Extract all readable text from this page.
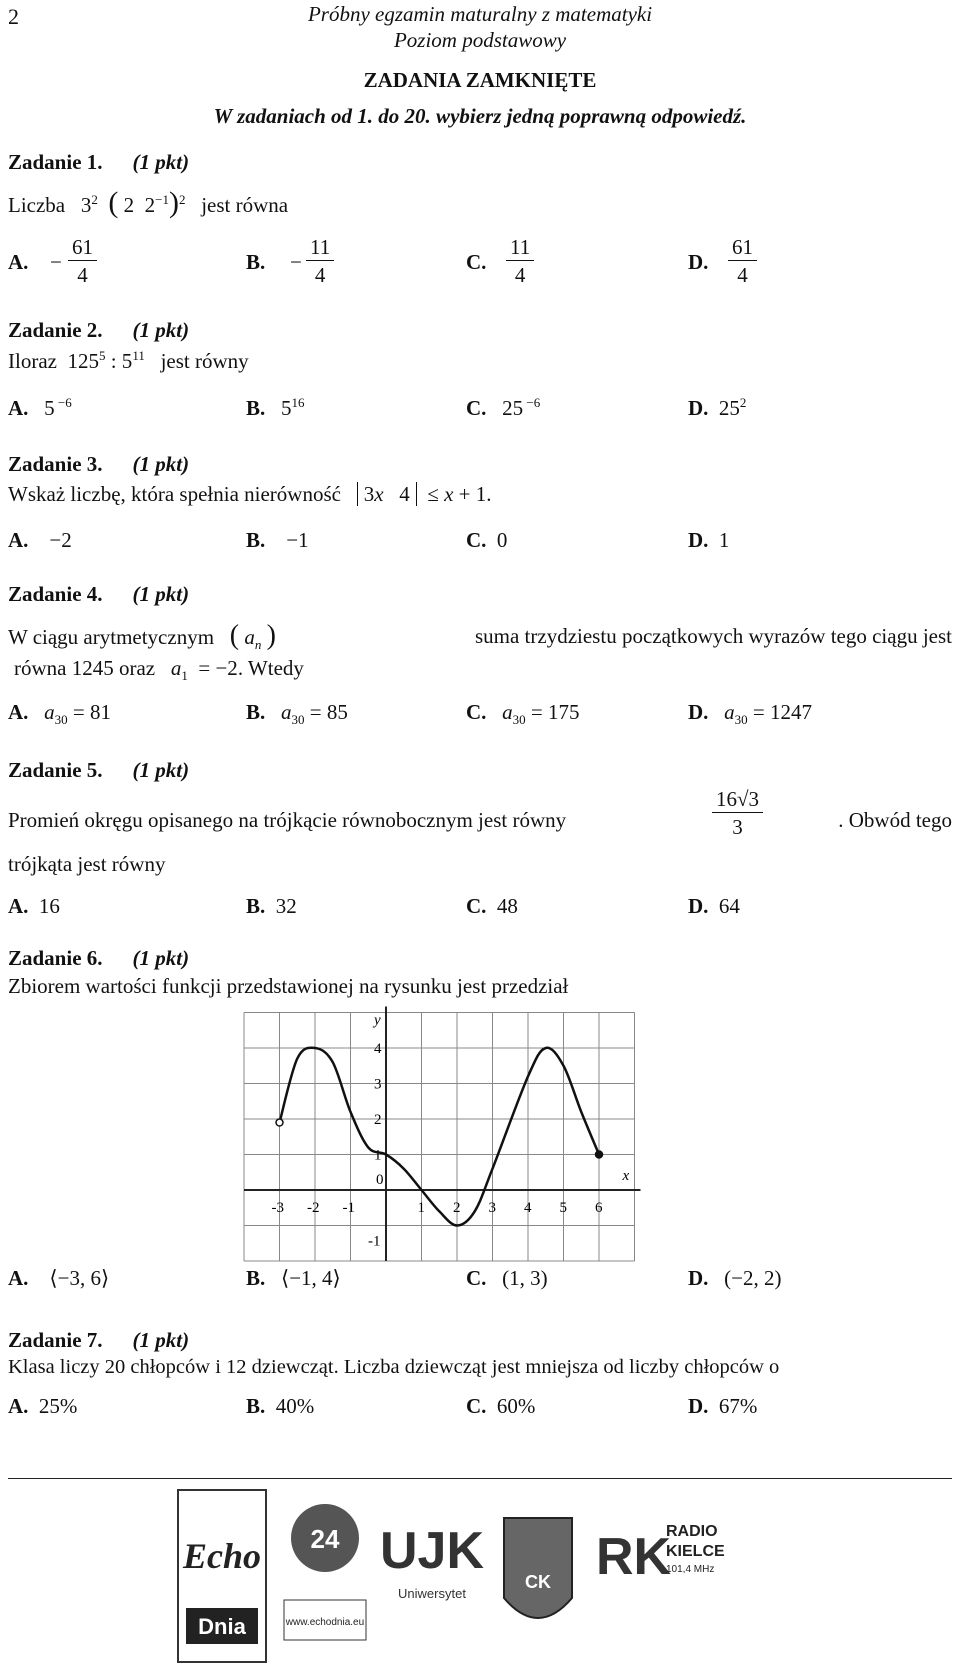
2	Próbny egzamin maturalny z matematyki
Poziom podstawowy
ZADANIA ZAMKNIĘTE
W zadaniach od 1. do 20. wybierz jedną poprawną odpowiedź.
Zadanie 1. (1 pkt)
Liczba $3^2$ ( 2  $2^{-1})^2$ jest równa
A. − $\frac{61}{4}$	B. − $\frac{11}{4}$	C. $\frac{11}{4}$	D. $\frac{61}{4}$
Zadanie 2. (1 pkt)
Iloraz  $125^5$ : $5^{11}$ jest równy
A.   5 $^{-6}$	B.   $5^{16}$	C.   25 $^{-6}$	D.  $25^2$
Zadanie 3. (1 pkt)
Wskaż liczbę, która spełnia nierówność 3x   4  ≤ x + 1.
A. −2	B. −1	C. 0	D. 1
Zadanie 4. (1 pkt)
W ciągu arytmetycznym ( $a_n$ )	suma trzydziestu początkowych wyrazów tego ciągu jest
równa 1245 oraz $a_1 = -2$. Wtedy
A. $a_{30} = 81$	B. $a_{30} = 85$	C. $a_{30} = 175$	D. $a_{30} = 1247$
Zadanie 5. (1 pkt)
Promień okręgu opisanego na trójkącie równobocznym jest równy	$\frac{16√3}{3}$	. Obwód tego
trójkąta jest równy
A. 16	B. 32	C. 48	D. 64
Zadanie 6. (1 pkt)
Zbiorem wartości funkcji przedstawionej na rysunku jest przedział
x
y
-3 -2 -1
0
1 2 3 4 5 6
4
3
2
1
-1
A. ⟨−3, 6⟩	B. ⟨−1, 4⟩	C. (1, 3)	D. (−2, 2)
Zadanie 7. (1 pkt)
Klasa liczy 20 chłopców i 12 dziewcząt. Liczba dziewcząt jest mniejsza od liczby chłopców o
A. 25%	B. 40%	C. 60%	D. 67%
Echo
Dnia
24
www.echodnia.eu
UJK
Uniwersytet
CK RK
RADIO
KIELCE
101,4 MHz
